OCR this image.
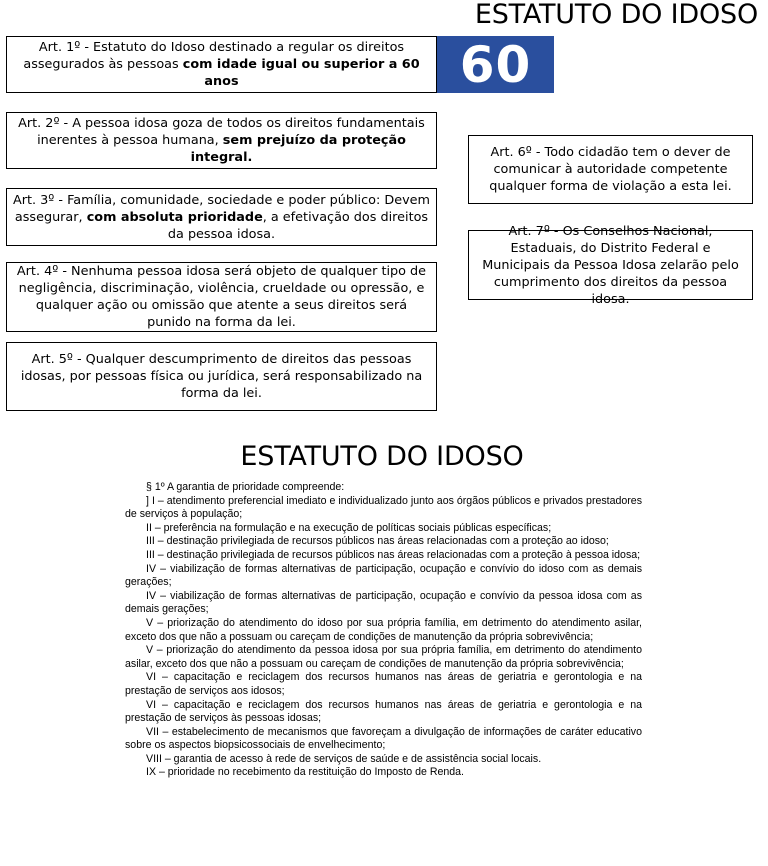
ESTATUTO DO IDOSO
Art. 1º - Estatuto do Idoso destinado a regular os direitos assegurados às pessoas com idade igual ou superior a 60 anos	60
Art. 2º - A pessoa idosa goza de todos os direitos fundamentais inerentes à pessoa humana, sem prejuízo da proteção integral.
Art. 3º - Família, comunidade, sociedade e poder público: Devem assegurar, com absoluta prioridade, a efetivação dos direitos da pessoa idosa.
Art. 4º - Nenhuma pessoa idosa será objeto de qualquer tipo de negligência, discriminação, violência, crueldade ou opressão, e qualquer ação ou omissão que atente a seus direitos será punido na forma da lei.
Art. 5º - Qualquer descumprimento de direitos das pessoas idosas, por pessoas física ou jurídica, será responsabilizado na forma da lei.
Art. 6º - Todo cidadão tem o dever de comunicar à autoridade competente qualquer forma de violação a esta lei.
Art. 7º - Os Conselhos Nacional, Estaduais, do Distrito Federal e Municipais da Pessoa Idosa zelarão pelo cumprimento dos direitos da pessoa idosa.
ESTATUTO DO IDOSO

§ 1º A garantia de prioridade compreende:

] I – atendimento preferencial imediato e individualizado junto aos órgãos públicos e privados prestadores de serviços à população;

II – preferência na formulação e na execução de políticas sociais públicas específicas;

III – destinação privilegiada de recursos públicos nas áreas relacionadas com a proteção ao idoso;

III – destinação privilegiada de recursos públicos nas áreas relacionadas com a proteção à pessoa idosa;

IV – viabilização de formas alternativas de participação, ocupação e convívio do idoso com as demais gerações;

IV – viabilização de formas alternativas de participação, ocupação e convívio da pessoa idosa com as demais gerações;

V – priorização do atendimento do idoso por sua própria família, em detrimento do atendimento asilar, exceto dos que não a possuam ou careçam de condições de manutenção da própria sobrevivência;

V – priorização do atendimento da pessoa idosa por sua própria família, em detrimento do atendimento asilar, exceto dos que não a possuam ou careçam de condições de manutenção da própria sobrevivência;

VI – capacitação e reciclagem dos recursos humanos nas áreas de geriatria e gerontologia e na prestação de serviços aos idosos;

VI – capacitação e reciclagem dos recursos humanos nas áreas de geriatria e gerontologia e na prestação de serviços às pessoas idosas;

VII – estabelecimento de mecanismos que favoreçam a divulgação de informações de caráter educativo sobre os aspectos biopsicossociais de envelhecimento;

VIII – garantia de acesso à rede de serviços de saúde e de assistência social locais.

IX – prioridade no recebimento da restituição do Imposto de Renda.
